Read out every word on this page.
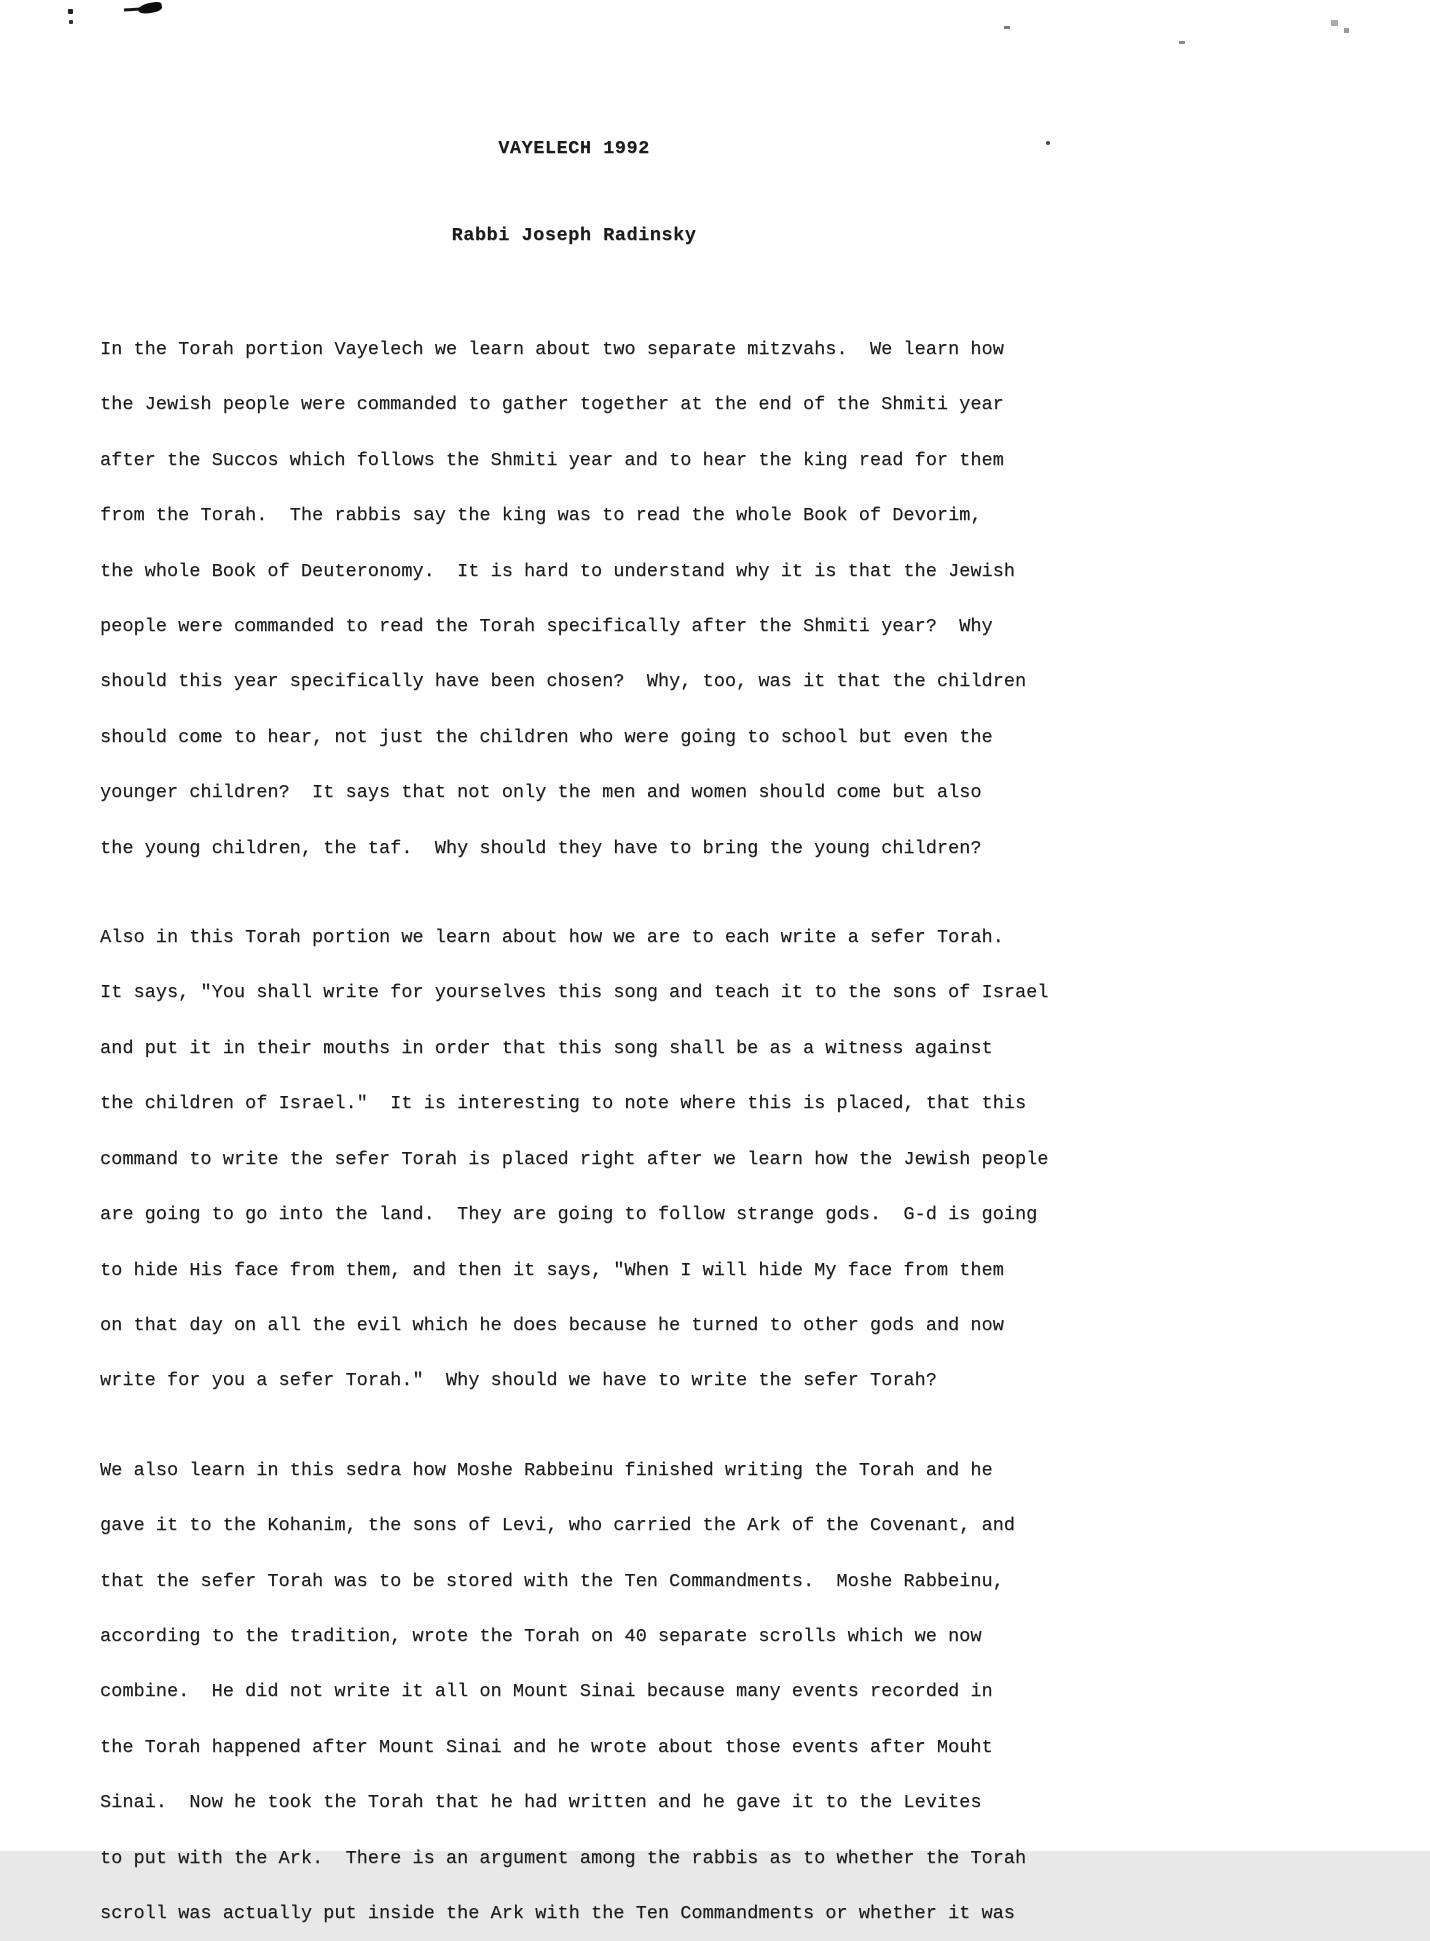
VAYELECH 1992

Rabbi Joseph Radinsky

In the Torah portion Vayelech we learn about two separate mitzvahs.  We learn how
the Jewish people were commanded to gather together at the end of the Shmiti year
after the Succos which follows the Shmiti year and to hear the king read for them
from the Torah.  The rabbis say the king was to read the whole Book of Devorim,
the whole Book of Deuteronomy.  It is hard to understand why it is that the Jewish
people were commanded to read the Torah specifically after the Shmiti year?  Why
should this year specifically have been chosen?  Why, too, was it that the children
should come to hear, not just the children who were going to school but even the
younger children?  It says that not only the men and women should come but also
the young children, the taf.  Why should they have to bring the young children?
Also in this Torah portion we learn about how we are to each write a sefer Torah.
It says, "You shall write for yourselves this song and teach it to the sons of Israel
and put it in their mouths in order that this song shall be as a witness against
the children of Israel."  It is interesting to note where this is placed, that this
command to write the sefer Torah is placed right after we learn how the Jewish people
are going to go into the land.  They are going to follow strange gods.  G-d is going
to hide His face from them, and then it says, "When I will hide My face from them
on that day on all the evil which he does because he turned to other gods and now
write for you a sefer Torah."  Why should we have to write the sefer Torah?
We also learn in this sedra how Moshe Rabbeinu finished writing the Torah and he
gave it to the Kohanim, the sons of Levi, who carried the Ark of the Covenant, and
that the sefer Torah was to be stored with the Ten Commandments.  Moshe Rabbeinu,
according to the tradition, wrote the Torah on 40 separate scrolls which we now
combine.  He did not write it all on Mount Sinai because many events recorded in
the Torah happened after Mount Sinai and he wrote about those events after Mouht
Sinai.  Now he took the Torah that he had written and he gave it to the Levites
to put with the Ark.  There is an argument among the rabbis as to whether the Torah
scroll was actually put inside the Ark with the Ten Commandments or whether it was
